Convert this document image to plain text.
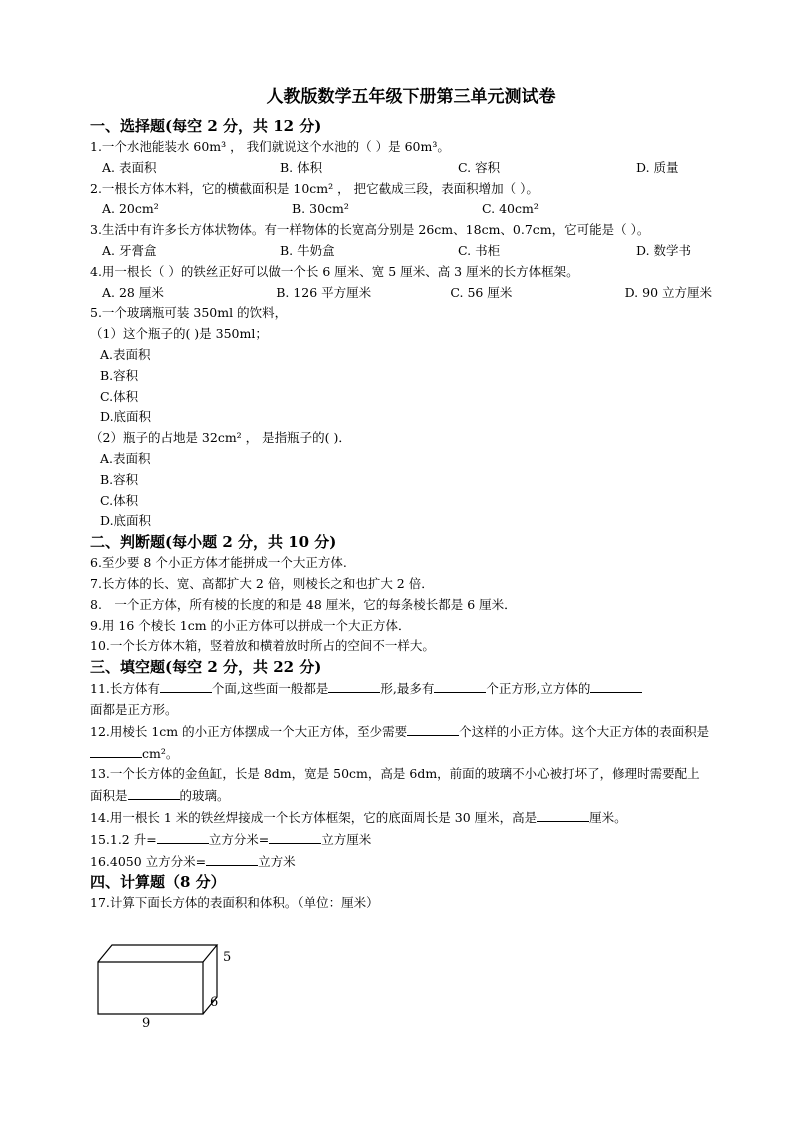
人教版数学五年级下册第三单元测试卷
一、选择题(每空 2 分，共 12 分)
1.一个水池能装水 60m³ ， 我们就说这个水池的（ ）是 60m³。
A. 表面积	B. 体积	C. 容积	D. 质量
2.一根长方体木料，它的横截面积是 10cm² ， 把它截成三段，表面积增加（ ）。
A. 20cm²	B. 30cm²	C. 40cm²
3.生活中有许多长方体状物体。有一样物体的长宽高分别是 26cm、18cm、0.7cm，它可能是（ ）。
A. 牙膏盒	B. 牛奶盒	C. 书柜	D. 数学书
4.用一根长（ ）的铁丝正好可以做一个长 6 厘米、宽 5 厘米、高 3 厘米的长方体框架。
A. 28 厘米	B. 126 平方厘米	C. 56 厘米	D. 90 立方厘米
5.一个玻璃瓶可装 350ml 的饮料，
（1）这个瓶子的( )是 350ml；
A.表面积
B.容积
C.体积
D.底面积
（2）瓶子的占地是 32cm² ， 是指瓶子的( )．
A.表面积
B.容积
C.体积
D.底面积
二、判断题(每小题 2 分，共 10 分)
6.至少要 8 个小正方体才能拼成一个大正方体.
7.长方体的长、宽、高都扩大 2 倍，则棱长之和也扩大 2 倍．
8.　一个正方体，所有棱的长度的和是 48 厘米，它的每条棱长都是 6 厘米．
9.用 16 个棱长 1cm 的小正方体可以拼成一个大正方体．
10.一个长方体木箱，竖着放和横着放时所占的空间不一样大。
三、填空题(每空 2 分，共 22 分)
11.长方体有	个面,这些面一般都是	形,最多有	个正方形,立方体的
面都是正方形。
12.用棱长 1cm 的小正方体摆成一个大正方体，至少需要	个这样的小正方体。这个大正方体的表面积是cm²。
13.一个长方体的金鱼缸，长是 8dm，宽是 50cm，高是 6dm，前面的玻璃不小心被打坏了，修理时需要配上面积是	的玻璃。
14.用一根长 1 米的铁丝焊接成一个长方体框架，它的底面周长是 30 厘米，高是	厘米。
15.1.2 升=	立方分米=	立方厘米
16.4050 立方分米=	立方米
四、计算题（8 分）
17.计算下面长方体的表面积和体积。（单位：厘米）
5
6
9
